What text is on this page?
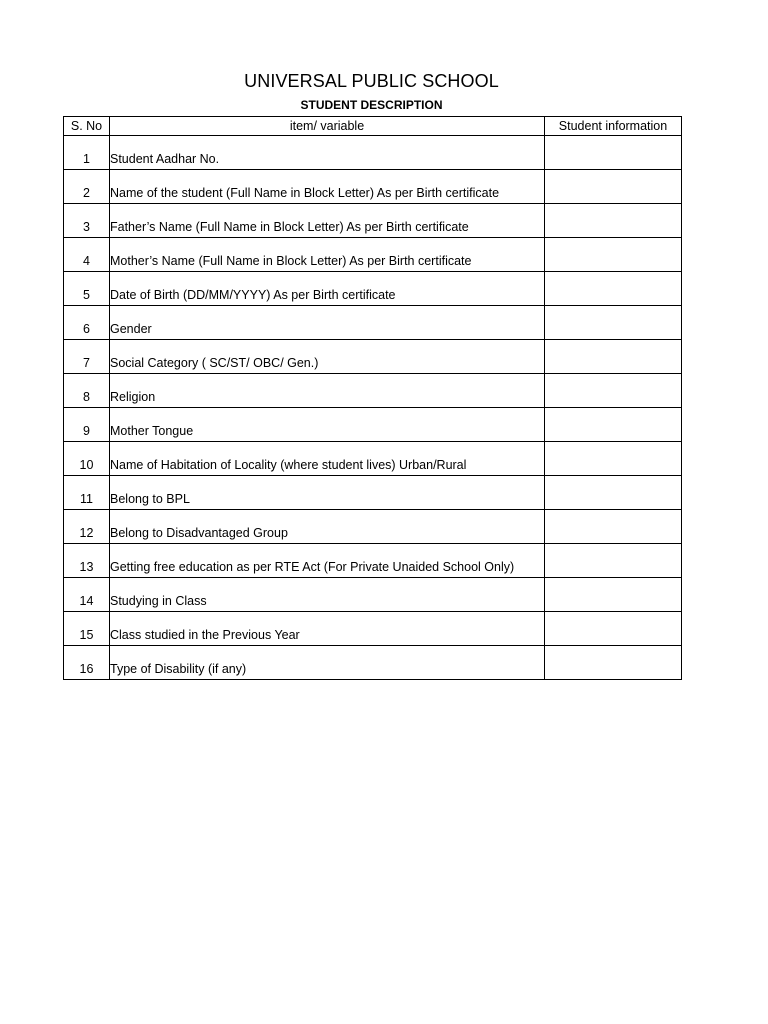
UNIVERSAL PUBLIC SCHOOL
STUDENT DESCRIPTION
S. No	item/ variable	Student information
1	Student Aadhar No.	
2	Name of the student (Full Name in Block Letter) As per Birth certificate	
3	Father’s Name (Full Name in Block Letter) As per Birth certificate	
4	Mother’s Name (Full Name in Block Letter) As per Birth certificate	
5	Date of Birth (DD/MM/YYYY) As per Birth certificate	
6	Gender	
7	Social Category ( SC/ST/ OBC/ Gen.)	
8	Religion	
9	Mother Tongue	
10	Name of Habitation of Locality (where student lives) Urban/Rural	
11	Belong to BPL	
12	Belong to Disadvantaged Group	
13	Getting free education as per RTE Act (For Private Unaided School Only)	
14	Studying in Class	
15	Class studied in the Previous Year	
16	Type of Disability (if any)	
